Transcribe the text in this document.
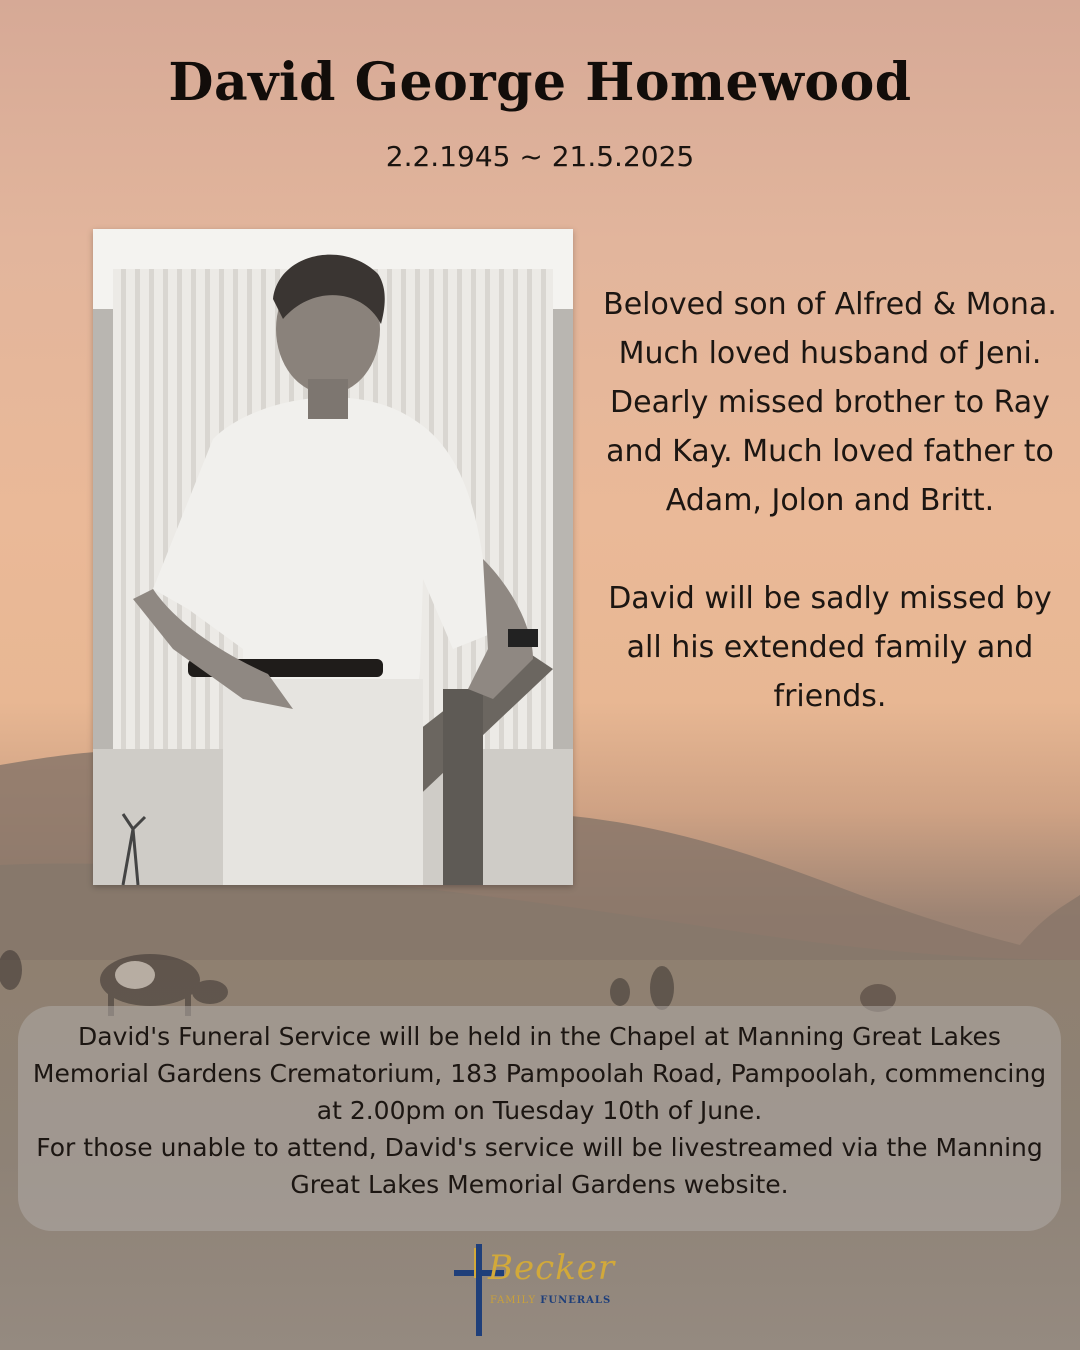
David George Homewood
2.2.1945 ~ 21.5.2025

Beloved son of Alfred & Mona. Much loved husband of Jeni. Dearly missed brother to Ray and Kay. Much loved father to Adam, Jolon and Britt.

David will be sadly missed by all his extended family and friends.

David's Funeral Service will be held in the Chapel at Manning Great Lakes Memorial Gardens Crematorium, 183 Pampoolah Road, Pampoolah, commencing at 2.00pm on Tuesday 10th of June.

For those unable to attend, David's service will be livestreamed via the Manning Great Lakes Memorial Gardens website.

Becker
FAMILY FUNERALS
